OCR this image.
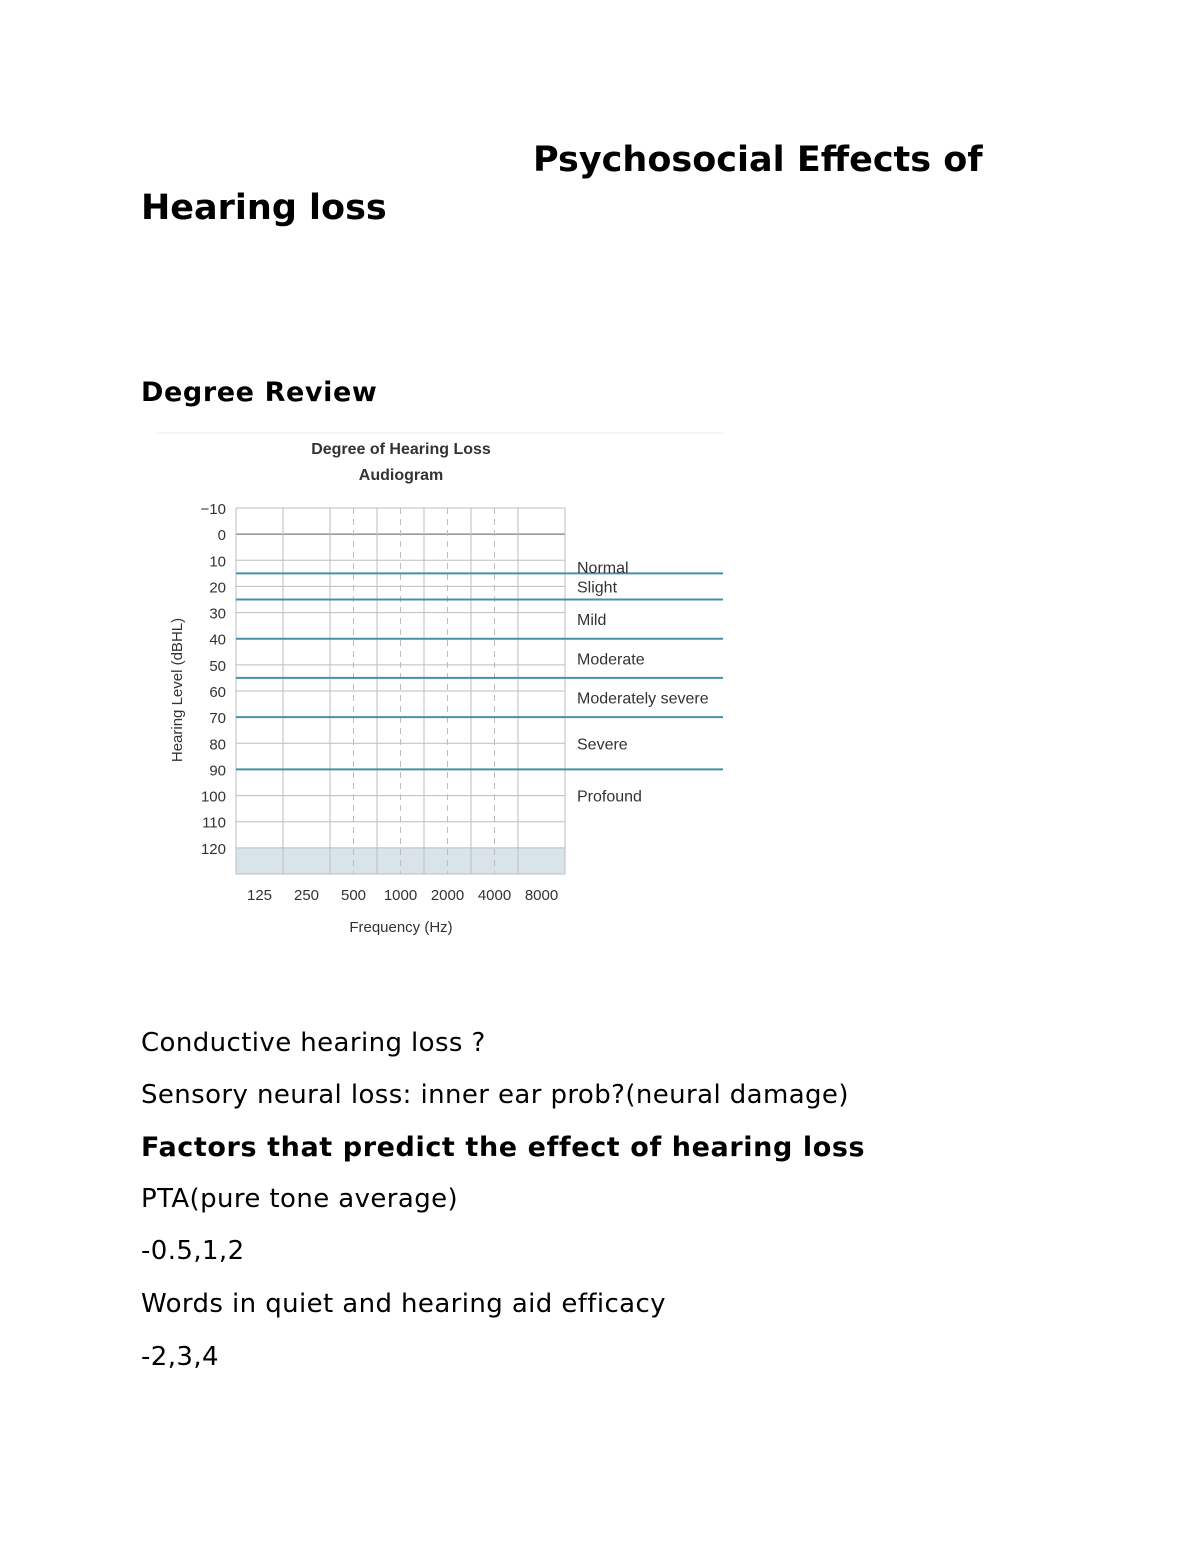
Psychosocial Effects of
Hearing loss
Degree Review
Degree of Hearing Loss
Audiogram
Normal
Slight
Mild
Moderate
Moderately severe
Severe
Profound
−10
0
10
20
30
40
50
60
70
80
90
100
110
120
125 250 500 1000 2000 4000 8000
Frequency (Hz)
Hearing Level (dBHL)
Conductive hearing loss ?
Sensory neural loss: inner ear prob?(neural damage)
Factors that predict the effect of hearing loss
PTA(pure tone average)
-0.5,1,2
Words in quiet and hearing aid efficacy
-2,3,4
